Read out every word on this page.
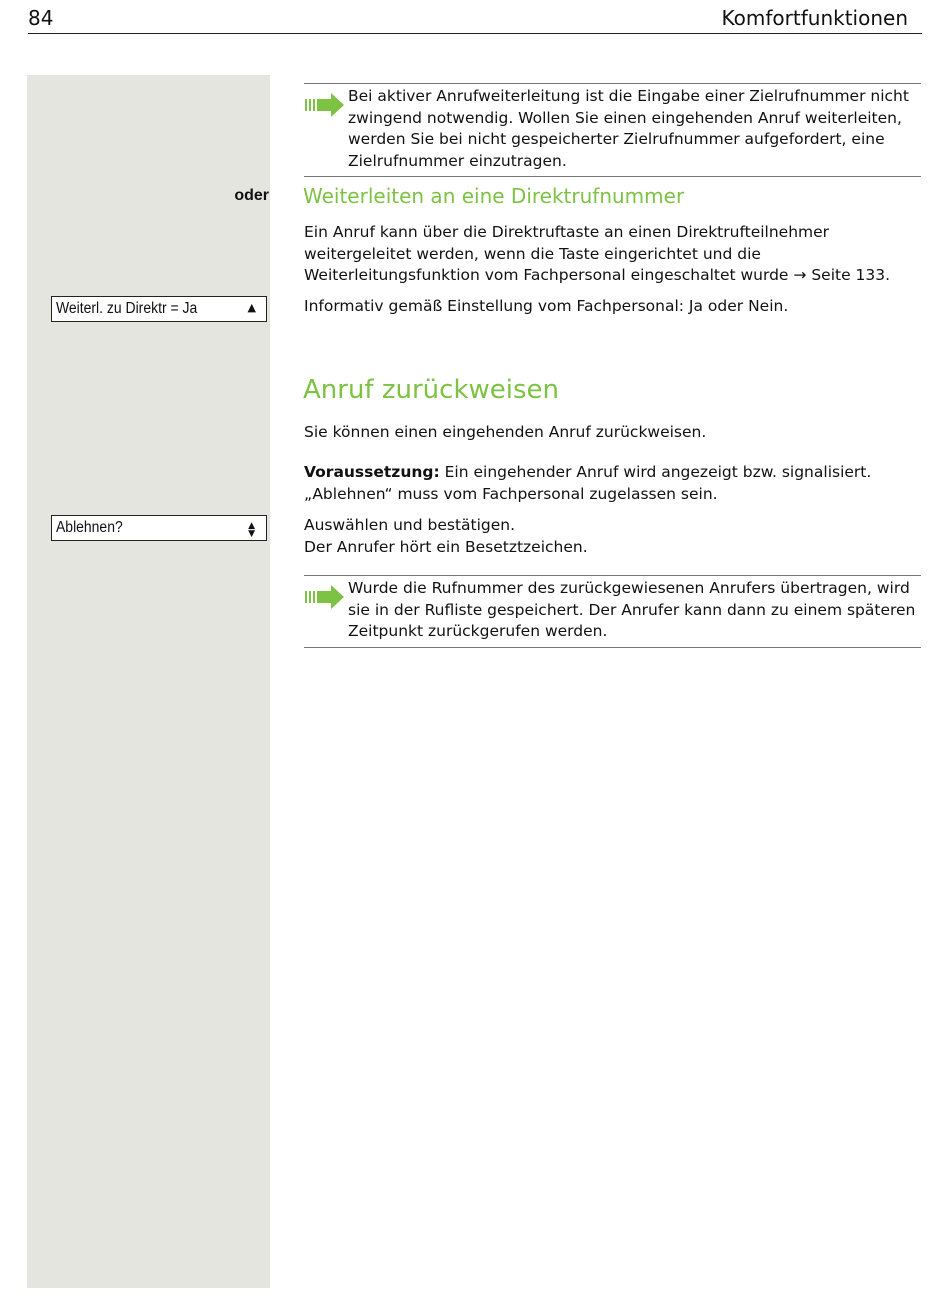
84	Komfortfunktionen
Bei aktiver Anrufweiterleitung ist die Eingabe einer Zielrufnummer nicht zwingend notwendig. Wollen Sie einen eingehenden Anruf weiterleiten, werden Sie bei nicht gespeicherter Zielrufnummer aufgefordert, eine Zielrufnummer einzutragen.
oder Weiterleiten an eine Direktrufnummer
Ein Anruf kann über die Direktruftaste an einen Direktrufteilnehmer weitergeleitet werden, wenn die Taste eingerichtet und die Weiterleitungsfunktion vom Fachpersonal eingeschaltet wurde → Seite 133.
Weiterl. zu Direktr = Ja	▲	Informativ gemäß Einstellung vom Fachpersonal: Ja oder Nein.
Anruf zurückweisen
Sie können einen eingehenden Anruf zurückweisen.
Voraussetzung: Ein eingehender Anruf wird angezeigt bzw. signalisiert. „Ablehnen“ muss vom Fachpersonal zugelassen sein.
Ablehnen?	▲
▼	Auswählen und bestätigen.
Der Anrufer hört ein Besetztzeichen.
Wurde die Rufnummer des zurückgewiesenen Anrufers übertragen, wird sie in der Rufliste gespeichert. Der Anrufer kann dann zu einem späteren Zeitpunkt zurückgerufen werden.
